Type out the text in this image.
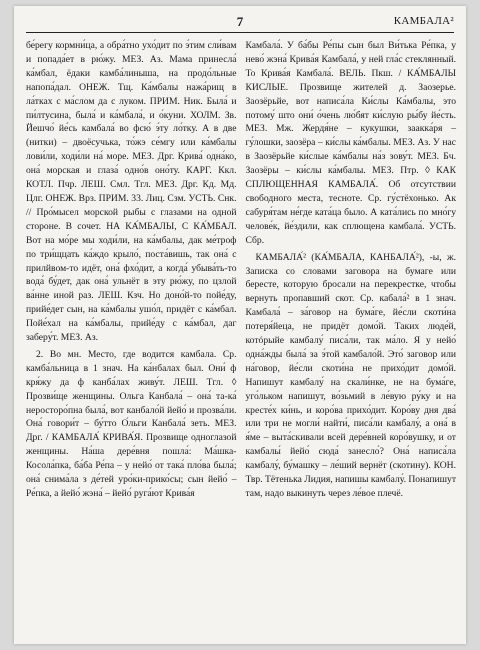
7	КАМБАЛА²

бе́регу кормни́ца, а обра́тно ухо́дит по э́тим сли́вам и попада́ет в рю́жу. МЕЗ. Аз. Мама принесла́ ка́мбал, ёдаки камба́линыша, на продо́льные напопа́дал. ОНЕЖ. Тщ. Ка́мбалы нажа́рищ в ла́тках с ма́слом да с луком. ПРИМ. Ник. Была́ и пи́лтусина, была́ и ка́мбала́, и о́куни. ХОЛМ. Зв. Йешчо́ йе́сь камбала́ во фсю́ э́ту ло́тку. А в две (нитки) – двоёсучька, то́жэ се́мгу или ка́мбалы лови́ли, ходи́ли на́ море. МЕЗ. Дрг. Крива́ одна́ко, она́ морская и глаза́ одно́в оно́ту. КАРГ. Ккл. КОТЛ. Пчр. ЛЕШ. Смл. Тгл. МЕЗ. Дрг. Кд. Мд. Цлг. ОНЕЖ. Врз. ПРИМ. 33. Лиц. Сзм. УСТЬ. Снк. // Про́мысел морской рыбы с глазами на одной стороне. В сочет. НА КА́МБАЛЫ, С КА́МБАЛ. Вот на мо́ре мы ходи́ли, на ка́мбалы, дак ме́троф по три́щцать ка́ждо крыло́, поста́вишь, так она́ с прилйвом-то идёт, она́ фхо́дит, а когда́ убыва́ть-то вода́ бу́дет, дак она́ ульнёт в эту рю́жу, по цзлой ва́нне иной раз. ЛЕШ. Кзч. Но доно́й-то пойе́ду, прийе́дет сын, на ка́мбалы ушо́л, придёт с ка́мбал. Пойе́хал на ка́мбалы, прийе́ду с ка́мбал, даг заберу́т. МЕЗ. Аз.

2. Во мн. Место, где водится камбала. Ср. камба́льница в 1 знач. На ка́нбалах был. Они́ ф кря́жу да ф канба́лах живу́т. ЛЕШ. Тгл. ◊ Прозви́ще женщины. Ольга Канбала́ – она́ та-ка́ неросторо́пна была́, вот канбало́й йейо́ и прозва́ли. Она́ говори́т – бу́тто О́льги Канбала́ зеть. МЕЗ. Дрг. / КАМБАЛА́ КРИВА́Я. Прозвище одноглазой женщины. На́ша дере́вня пошла́: Ма́шка-Косола́пка, ба́ба Ре́па – у нейо́ от така́ пло́ва была́; она́ снима́ла з де́тей уро́ки-прико́сы; сын йейо́ – Ре́пка, а йейо́ жэна́ – йейо́ руга́ют Крива́я

Камбала́. У ба́бы Ре́пы сын был Ви́тька Ре́пка, у нево́ жэна́ Крива́я Камбала́, у ней гла́с стеклянный. То Крива́я Камбала́. ВЕЛЬ. Пкш. / КА́МБАЛЫ КИСЛЫЕ. Прозвище жителей д. Заозерье. Заозёрьйе, вот написа́ла Ки́слы Ка́мбалы, это потому́ што они́ о́чень лю́бят ки́слую ры́бу йе́сть. МЕЗ. Мж. Жердя́не – кукушки, заакка́ря – гу́лошки, заозёра – ки́слы ка́мбалы. МЕЗ. Аз. У нас в Заозёрьйе ки́слые ка́мбалы на́з зову́т. МЕЗ. Бч. Заозёры – ки́слы ка́мбалы. МЕЗ. Птр. ◊ КАК СПЛЮЩЕННАЯ КАМБАЛА́. Об отсутствии свободного места, тесноте. Ср. гу́стёхонько. Ак сабуря́там не́где ката́ца было. А ката́лись по мно́гу челове́к, йе́здили, как сплющена камбала́. УСТЬ. Сбр.

КАМБАЛА́² (КА́МБАЛА, КАНБАЛА́²), -ы, ж. Записка со словами заговора на бумаге или бересте, которую бросали на перекрестке, чтобы вернуть пропавший скот. Ср. кабала́² в 1 знач. Камбала́ – за́говор на бума́ге, йе́сли скоти́на потеря́йеца, не придёт домо́й. Таких люде́й, котóрыйе камбалу́ писа́ли, так ма́ло. Я у нейо́ одна́жды была́ за э́той камбало́й. Это́ заговор или на́говор, йе́сли скоти́на не прихо́дит домо́й. Напишут камбалу́ на скали́нке, не на бума́ге, уго́льком напишут, во́зьмий в ле́вую ру́ку и на кресте́х ки́нь, и коро́ва прихо́дит. Коро́ву дня два́ или три не могли́ найти́, писа́ли камбалу́, а она́ в я́ме – выта́скивали всей дере́вней коро́вушку, и от камбалы́ йейо́ сюда́ занесло́? Она́ написа́ла камбалу́, бу́машку – ле́ший вернёт (скотину). КОН. Твр. Тётенька Лидия, напишы камбалу́. Понапишут там, надо выкинуть через ле́вое плечё.
